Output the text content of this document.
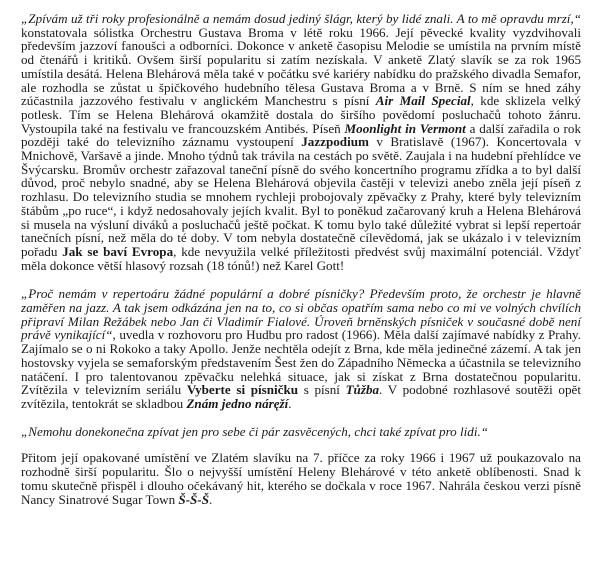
„Zpívám už tři roky profesionálně a nemám dosud jediný šlágr, který by lidé znali. A to mě opravdu mrzí,“ konstatovala sólistka Orchestru Gustava Broma v létě roku 1966. Její pěvecké kvality vyzdvihovali především jazzoví fanoušci a odborníci. Dokonce v anketě časopisu Melodie se umístila na prvním místě od čtenářů i kritiků. Ovšem širší popularitu si zatím nezískala. V anketě Zlatý slavík se za rok 1965 umístila desátá. Helena Blehárová měla také v počátku své kariéry nabídku do pražského divadla Semafor, ale rozhodla se zůstat u špičkového hudebního tělesa Gustava Broma a v Brně. S ním se hned záhy zúčastnila jazzového festivalu v anglickém Manchestru s písní Air Mail Special, kde sklizela velký potlesk. Tím se Helena Blehárová okamžitě dostala do širšího povědomí posluchačů tohoto žánru. Vystoupila také na festivalu ve francouzském Antibés. Píseň Moonlight in Vermont a další zařadila o rok později také do televizního záznamu vystoupení Jazzpodium v Bratislavě (1967). Koncertovala v Mnichově, Varšavě a jinde. Mnoho týdnů tak trávila na cestách po světě. Zaujala i na hudební přehlídce ve Švýcarsku. Bromův orchestr zařazoval taneční písně do svého koncertního programu zřídka a to byl další důvod, proč nebylo snadné, aby se Helena Blehárová objevila častěji v televizi anebo zněla její píseň z rozhlasu. Do televizního studia se mnohem rychleji probojovaly zpěvačky z Prahy, které byly televizním štábům „po ruce“, i když nedosahovaly jejích kvalit. Byl to poněkud začarovaný kruh a Helena Blehárová si musela na výsluní diváků a posluchačů ještě počkat. K tomu bylo také důležité vybrat si lepší repertoár tanečních písní, než měla do té doby. V tom nebyla dostatečně cílevědomá, jak se ukázalo i v televizním pořadu Jak se baví Evropa, kde nevyužila velké příležitosti předvést svůj maximální potenciál. Vždyť měla dokonce větší hlasový rozsah (18 tónů!) než Karel Gott!

„Proč nemám v repertoáru žádné populární a dobré písničky? Především proto, že orchestr je hlavně zaměřen na jazz. A tak jsem odkázána jen na to, co si občas opatřím sama nebo co mi ve volných chvílích připraví Milan Režábek nebo Jan či Vladimír Fialové. Úroveň brněnských písniček v současné době není právě vynikající“, uvedla v rozhovoru pro Hudbu pro radost (1966). Měla další zajímavé nabídky z Prahy. Zajímalo se o ni Rokoko a taky Apollo. Jenže nechtěla odejít z Brna, kde měla jedinečné zázemí. A tak jen hostovsky vyjela se semaforským představením Šest žen do Západního Německa a účastnila se televizního natáčení. I pro talentovanou zpěvačku nelehká situace, jak si získat z Brna dostatečnou popularitu. Zvítězila v televizním seriálu Vyberte si písničku s písní Tůžba. V podobné rozhlasové soutěži opět zvítězila, tentokrát se skladbou Znám jedno náręží.

„Nemohu donekonečna zpívat jen pro sebe či pár zasvěcených, chci také zpívat pro lidi.“

Přitom její opakované umístění ve Zlatém slavíku na 7. příčce za roky 1966 i 1967 už poukazovalo na rozhodně širší popularitu. Šlo o nejvyšší umístění Heleny Blehárové v této anketě oblíbenosti. Snad k tomu skutečně přispěl i dlouho očekávaný hit, kterého se dočkala v roce 1967. Nahrála českou verzi písně Nancy Sinatrové Sugar Town Š-Š-Š.
